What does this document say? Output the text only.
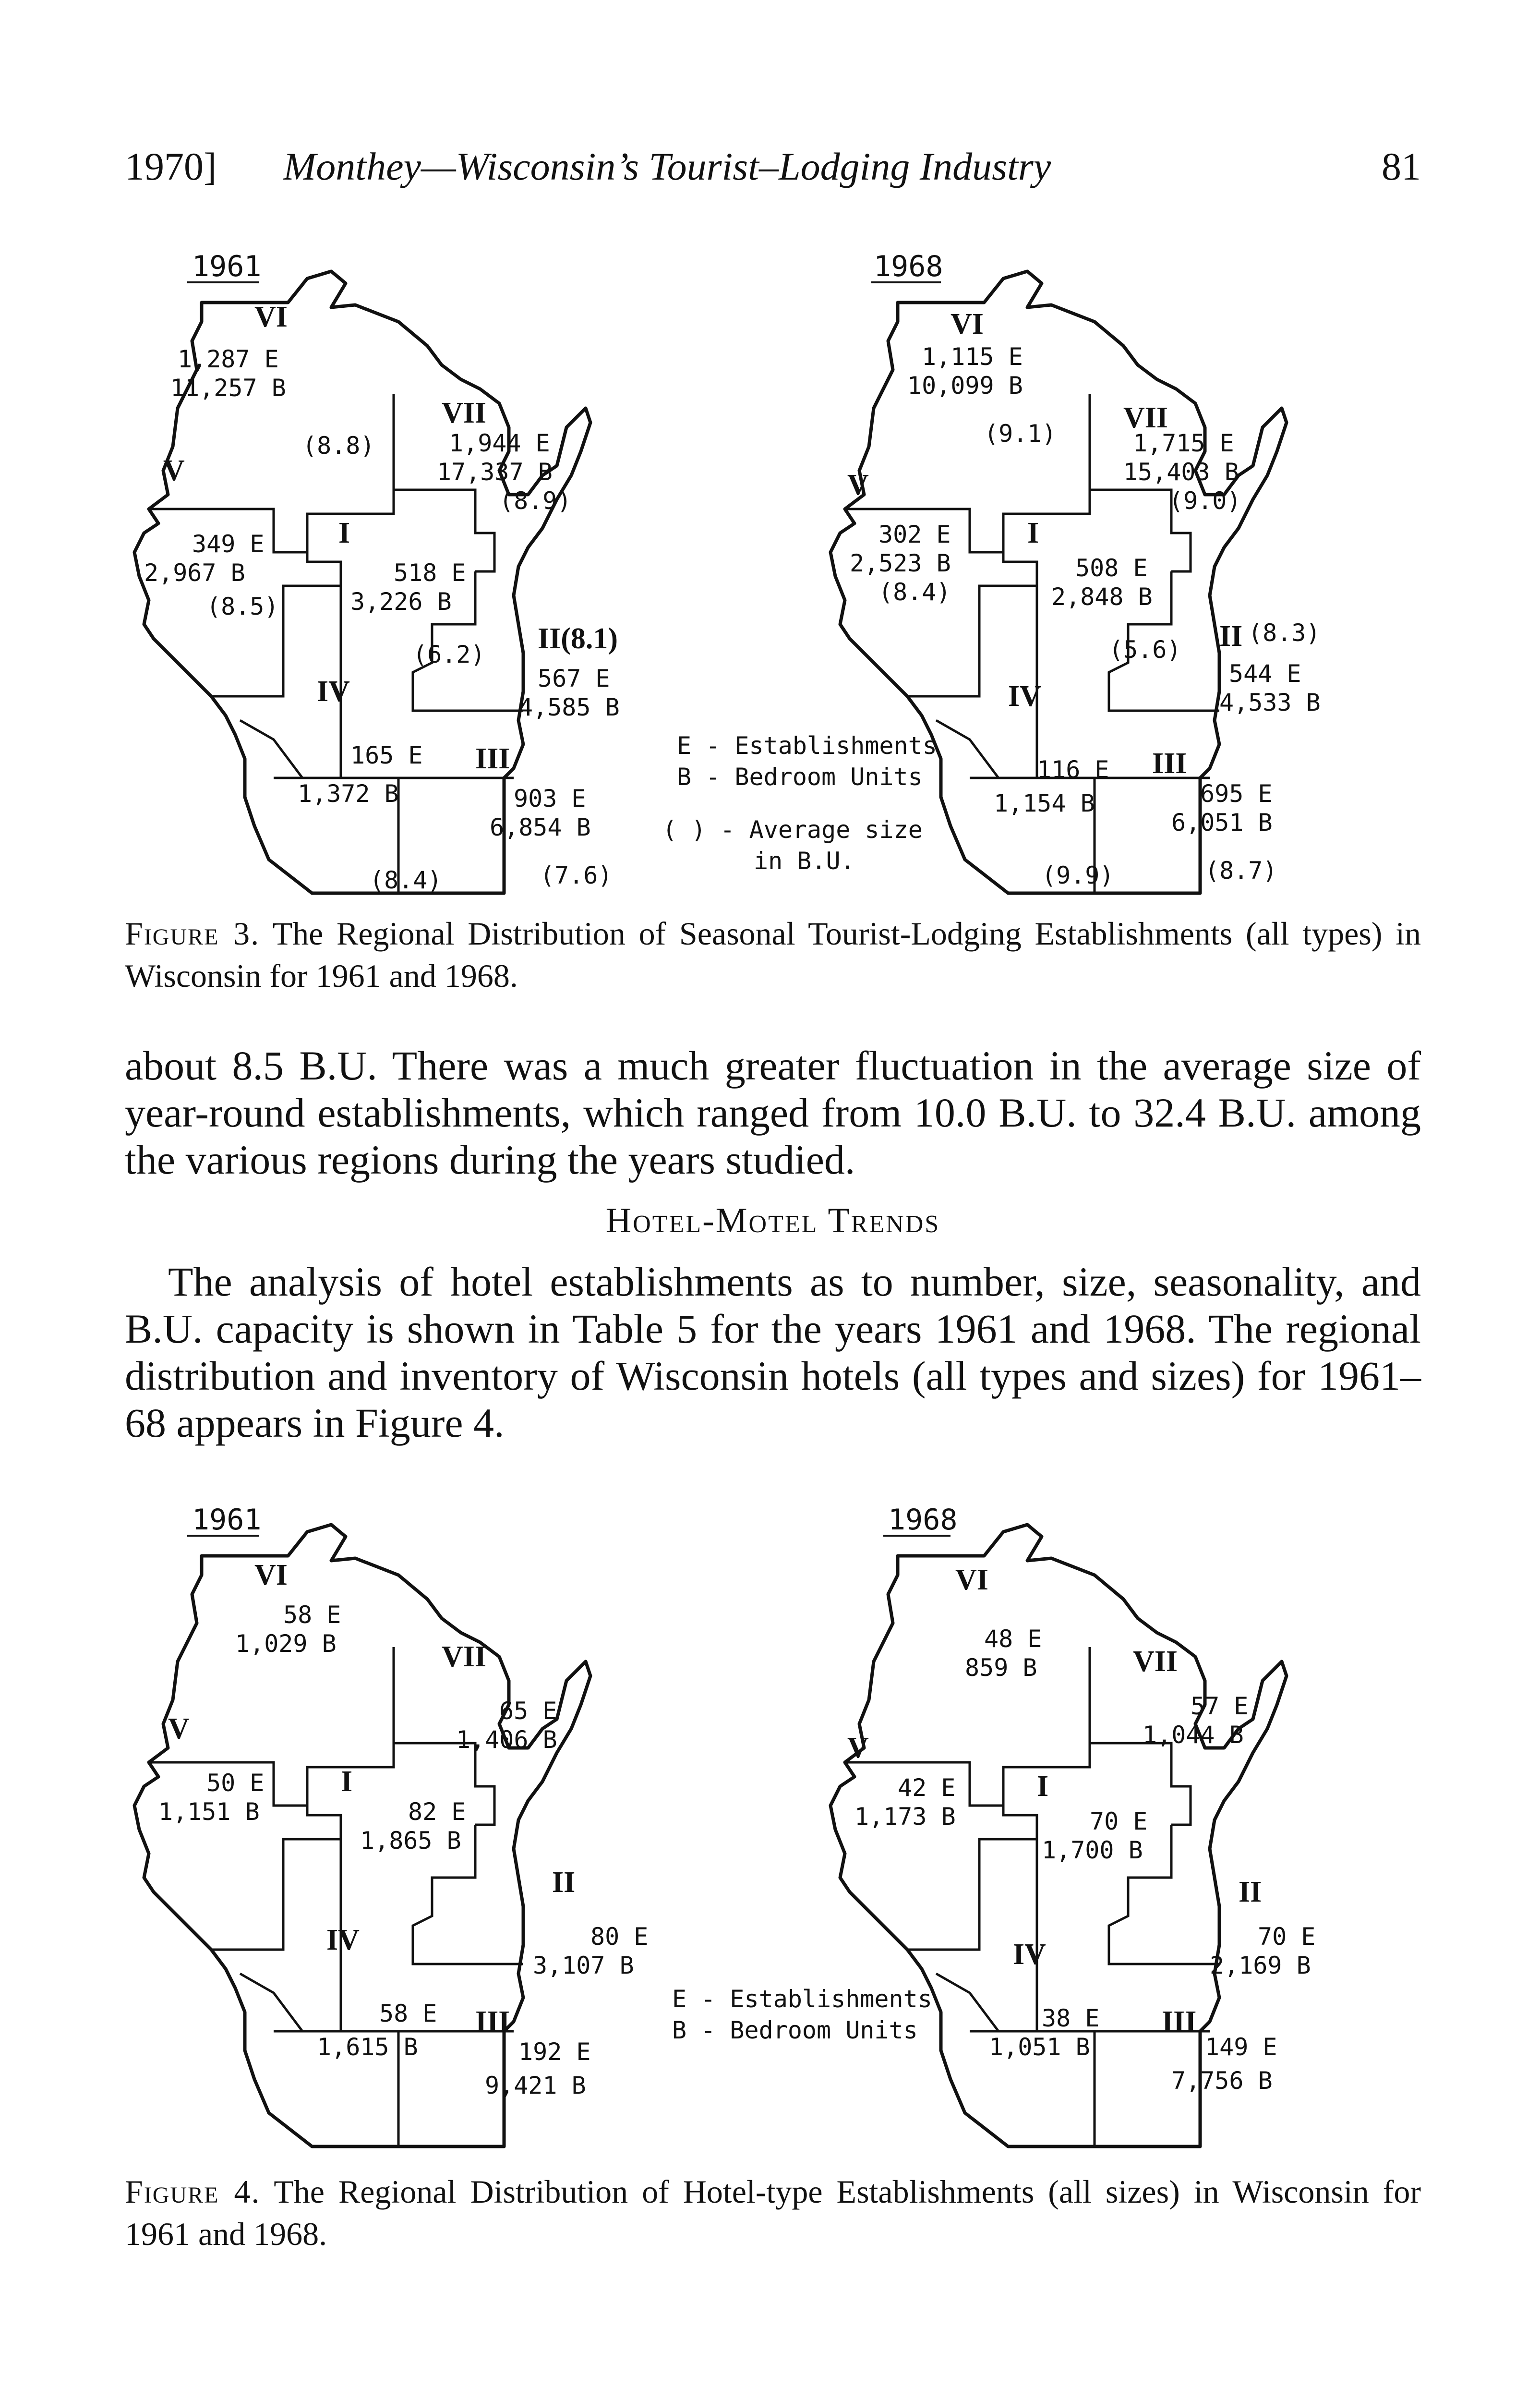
1970] Monthey—Wisconsin’s Tourist–Lodging Industry	81
1961
VI
1,287 E
11,257 B
(8.8)
VII
1,944 E
17,337 B
(8.9)
V
349 E
2,967 B
(8.5)
I
518 E
3,226 B
(6.2) II(8.1)
567 E
4,585 B
IV
165 E
1,372 B
(8.4)
III
903 E
6,854 B
(7.6)
E - Establishments
B - Bedroom Units
( ) - Average size
in B.U.
1968
VI
1,115 E
10,099 B
(9.1) VII
1,715 E
15,403 B
(9.0)
V
302 E
2,523 B
(8.4)
I
508 E
2,848 B
(5.6) II (8.3)
544 E
4,533 B
IV
116 E
1,154 B
(9.9)
III
695 E
6,051 B
(8.7)
1961
VI
58 E
1,029 B	VII
65 E
1,406 B
V
50 E
1,151 B
I
82 E
1,865 B
II
80 E
3,107 B
IV
58 E
1,615 B
III
192 E
9,421 B
E - Establishments
B - Bedroom Units
1968
VI
48 E
859 B	VII
57 E
1,044 B
V
42 E
1,173 B
I
70 E
1,700 B
II
70 E
2,169 B
IV
38 E
1,051 B
III
149 E
7,756 B
Figure 3. The Regional Distribution of Seasonal Tourist-Lodging Establishments (all types) in Wisconsin for 1961 and 1968.
about 8.5 B.U. There was a much greater fluctuation in the average size of year-round establishments, which ranged from 10.0 B.U. to 32.4 B.U. among the various regions during the years studied.
Hotel-Motel Trends
The analysis of hotel establishments as to number, size, seasonality, and B.U. capacity is shown in Table 5 for the years 1961 and 1968. The regional distribution and inventory of Wisconsin hotels (all types and sizes) for 1961–68 appears in Figure 4.
Figure 4. The Regional Distribution of Hotel-type Establishments (all sizes) in Wisconsin for 1961 and 1968.
